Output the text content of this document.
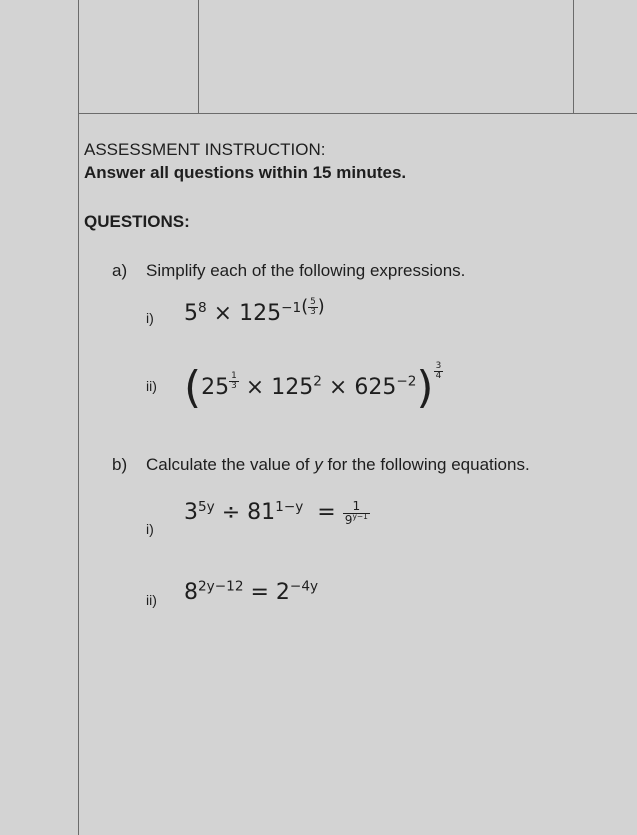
ASSESSMENT INSTRUCTION:
Answer all questions within 15 minutes.
QUESTIONS:
a) Simplify each of the following expressions.
i) $5^8 \times 125^{-1( \frac{5}{3} )}$
ii) (25 $^{\frac{1}{3}} \times 125^2 \times 625^{-2}$) $^{\frac{3}{4}}$
b) Calculate the value of y for the following equations.
i)
$3^{5y} \div 81^{1-y} = \frac{1}{9^{y-1}}$
ii) $8^{2y-12} = 2^{-4y}$
